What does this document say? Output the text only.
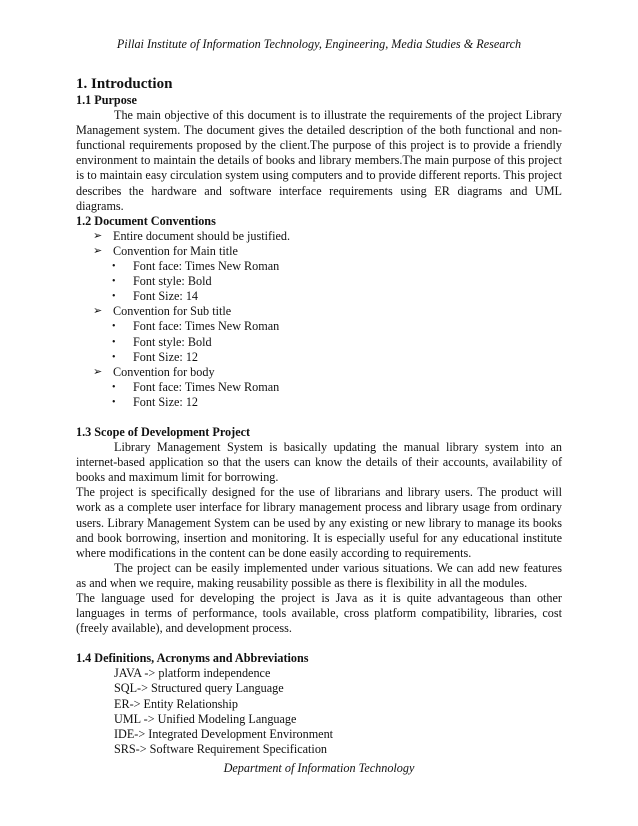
Pillai Institute of Information Technology, Engineering, Media Studies & Research
1. Introduction
1.1 Purpose

The main objective of this document is to illustrate the requirements of the project Library Management system. The document gives the detailed description of the both functional and non-functional requirements proposed by the client.The purpose of this project is to provide a friendly environment to maintain the details of books and library members.The main purpose of this project is to maintain easy circulation system using computers and to provide different reports. This project describes the hardware and software interface requirements using ER diagrams and UML diagrams.

1.2 Document Conventions
➢ Entire document should be justified.
➢ Convention for Main title
• Font face: Times New Roman
• Font style: Bold
• Font Size: 14
➢ Convention for Sub title
• Font face: Times New Roman
• Font style: Bold
• Font Size: 12
➢ Convention for body
• Font face: Times New Roman
• Font Size: 12
1.3 Scope of Development Project

Library Management System is basically updating the manual library system into an internet-based application so that the users can know the details of their accounts, availability of books and maximum limit for borrowing.

The project is specifically designed for the use of librarians and library users. The product will work as a complete user interface for library management process and library usage from ordinary users. Library Management System can be used by any existing or new library to manage its books and book borrowing, insertion and monitoring. It is especially useful for any educational institute where modifications in the content can be done easily according to requirements.

The project can be easily implemented under various situations. We can add new features as and when we require, making reusability possible as there is flexibility in all the modules.

The language used for developing the project is Java as it is quite advantageous than other languages in terms of performance, tools available, cross platform compatibility, libraries, cost (freely available), and development process.

1.4 Definitions, Acronyms and Abbreviations
JAVA -> platform independence
SQL-> Structured query Language
ER-> Entity Relationship
UML -> Unified Modeling Language
IDE-> Integrated Development Environment
SRS-> Software Requirement Specification
Department of Information Technology
